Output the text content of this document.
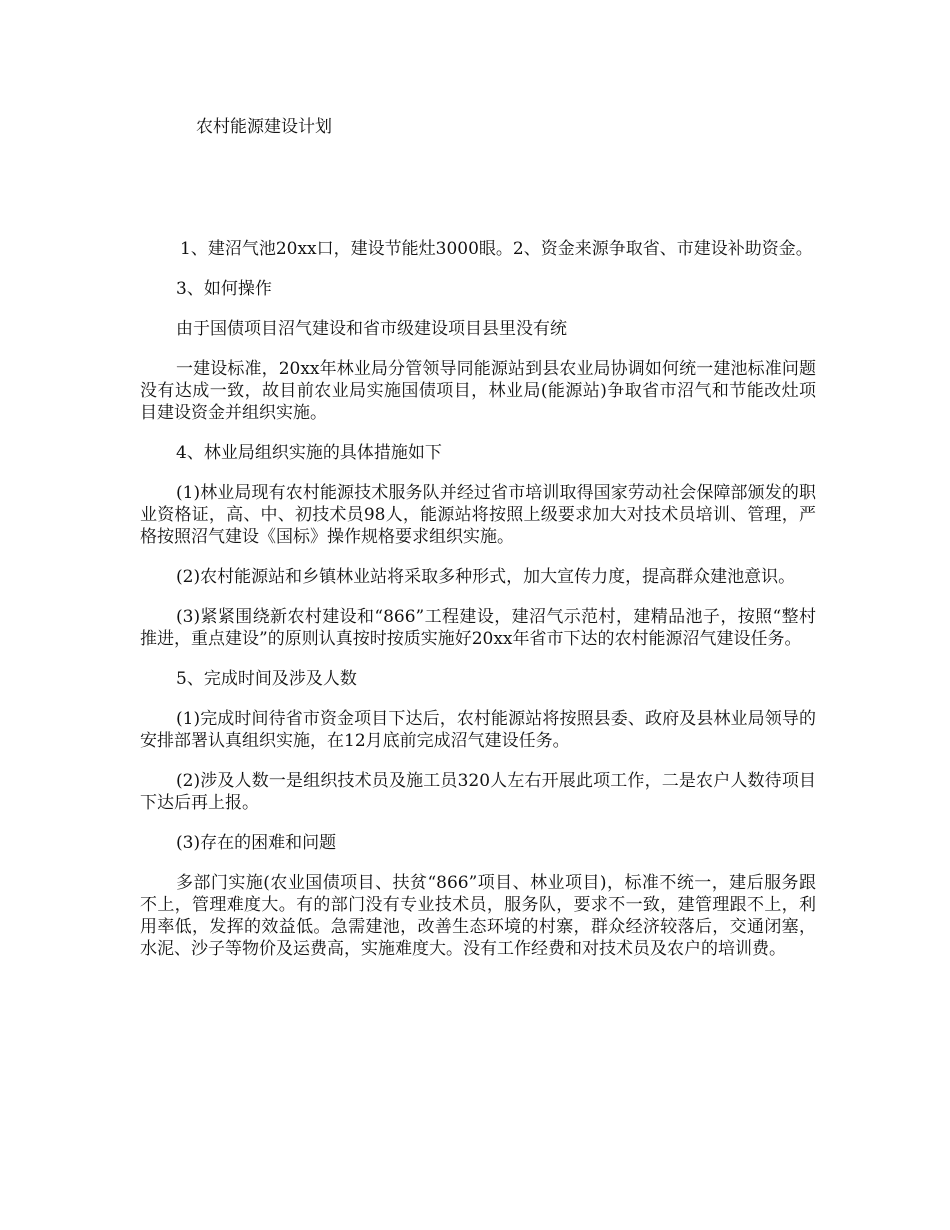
农村能源建设计划

1、建沼气池20xx口，建设节能灶3000眼。2、资金来源争取省、市建设补助资金。

3、如何操作

由于国债项目沼气建设和省市级建设项目县里没有统

一建设标准，20xx年林业局分管领导同能源站到县农业局协调如何统一建池标准问题没有达成一致，故目前农业局实施国债项目，林业局(能源站)争取省市沼气和节能改灶项目建设资金并组织实施。

4、林业局组织实施的具体措施如下

(1)林业局现有农村能源技术服务队并经过省市培训取得国家劳动社会保障部颁发的职业资格证，高、中、初技术员98人，能源站将按照上级要求加大对技术员培训、管理，严格按照沼气建设《国标》操作规格要求组织实施。

(2)农村能源站和乡镇林业站将采取多种形式，加大宣传力度，提高群众建池意识。

(3)紧紧围绕新农村建设和“866”工程建设，建沼气示范村，建精品池子，按照“整村推进，重点建设”的原则认真按时按质实施好20xx年省市下达的农村能源沼气建设任务。

5、完成时间及涉及人数

(1)完成时间待省市资金项目下达后，农村能源站将按照县委、政府及县林业局领导的安排部署认真组织实施，在12月底前完成沼气建设任务。

(2)涉及人数一是组织技术员及施工员320人左右开展此项工作，二是农户人数待项目下达后再上报。

(3)存在的困难和问题

多部门实施(农业国债项目、扶贫“866”项目、林业项目)，标准不统一，建后服务跟不上，管理难度大。有的部门没有专业技术员，服务队，要求不一致，建管理跟不上，利用率低，发挥的效益低。急需建池，改善生态环境的村寨，群众经济较落后，交通闭塞，水泥、沙子等物价及运费高，实施难度大。没有工作经费和对技术员及农户的培训费。
